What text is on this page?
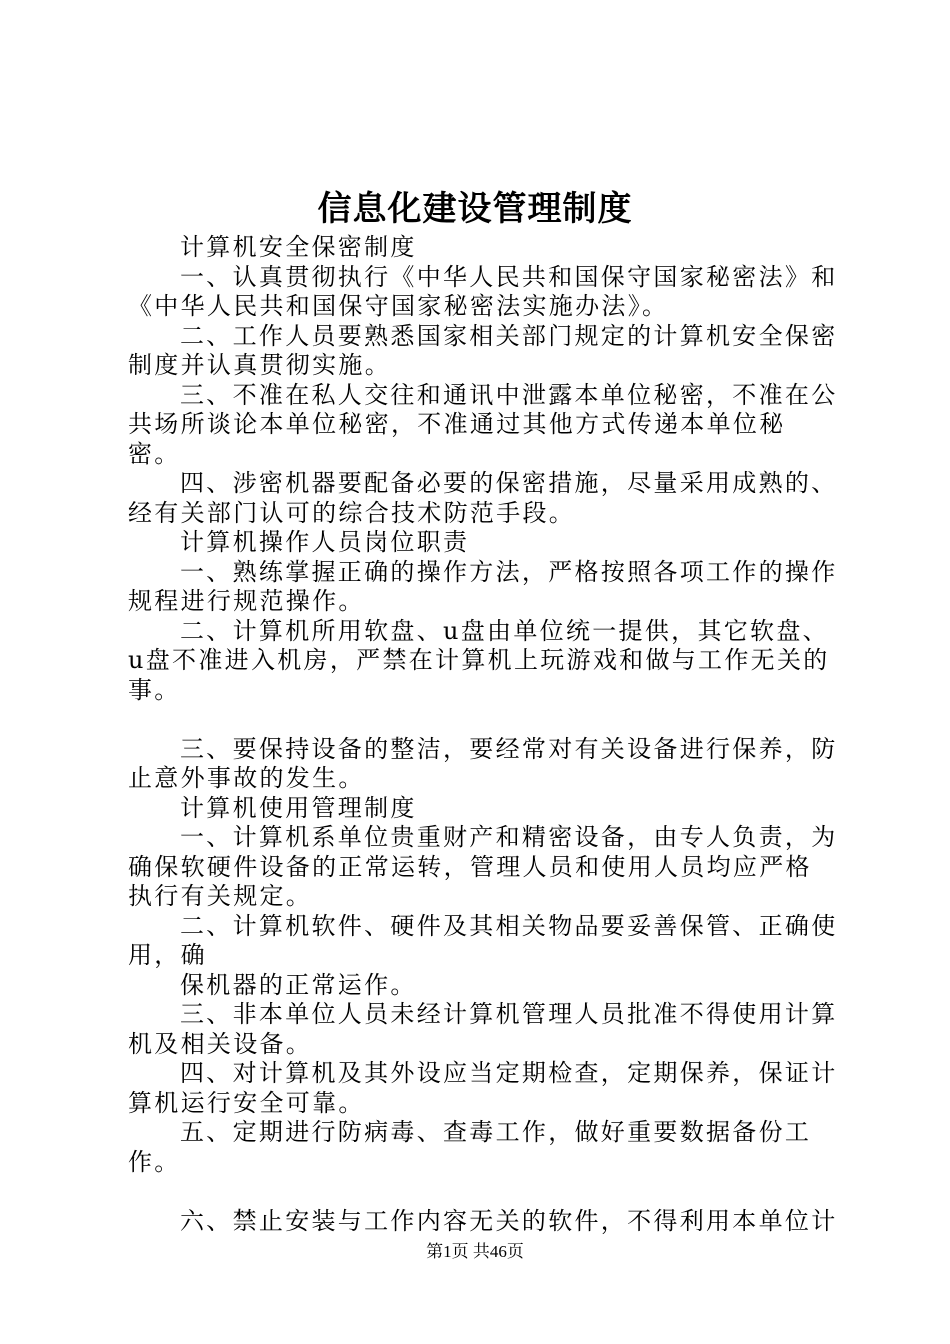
信息化建设管理制度

计算机安全保密制度

一、认真贯彻执行《中华人民共和国保守国家秘密法》和《中华人民共和国保守国家秘密法实施办法》。

二、工作人员要熟悉国家相关部门规定的计算机安全保密制度并认真贯彻实施。

三、不准在私人交往和通讯中泄露本单位秘密，不准在公共场所谈论本单位秘密，不准通过其他方式传递本单位秘密。

四、涉密机器要配备必要的保密措施，尽量采用成熟的、经有关部门认可的综合技术防范手段。

计算机操作人员岗位职责

一、熟练掌握正确的操作方法，严格按照各项工作的操作规程进行规范操作。

二、计算机所用软盘、u盘由单位统一提供，其它软盘、u盘不准进入机房，严禁在计算机上玩游戏和做与工作无关的事。

三、要保持设备的整洁，要经常对有关设备进行保养，防止意外事故的发生。

计算机使用管理制度

一、计算机系单位贵重财产和精密设备，由专人负责，为确保软硬件设备的正常运转，管理人员和使用人员均应严格执行有关规定。

二、计算机软件、硬件及其相关物品要妥善保管、正确使用，确

保机器的正常运作。

三、非本单位人员未经计算机管理人员批准不得使用计算机及相关设备。

四、对计算机及其外设应当定期检查，定期保养，保证计算机运行安全可靠。

五、定期进行防病毒、查毒工作，做好重要数据备份工作。

六、禁止安装与工作内容无关的软件，不得利用本单位计

第1页 共46页
